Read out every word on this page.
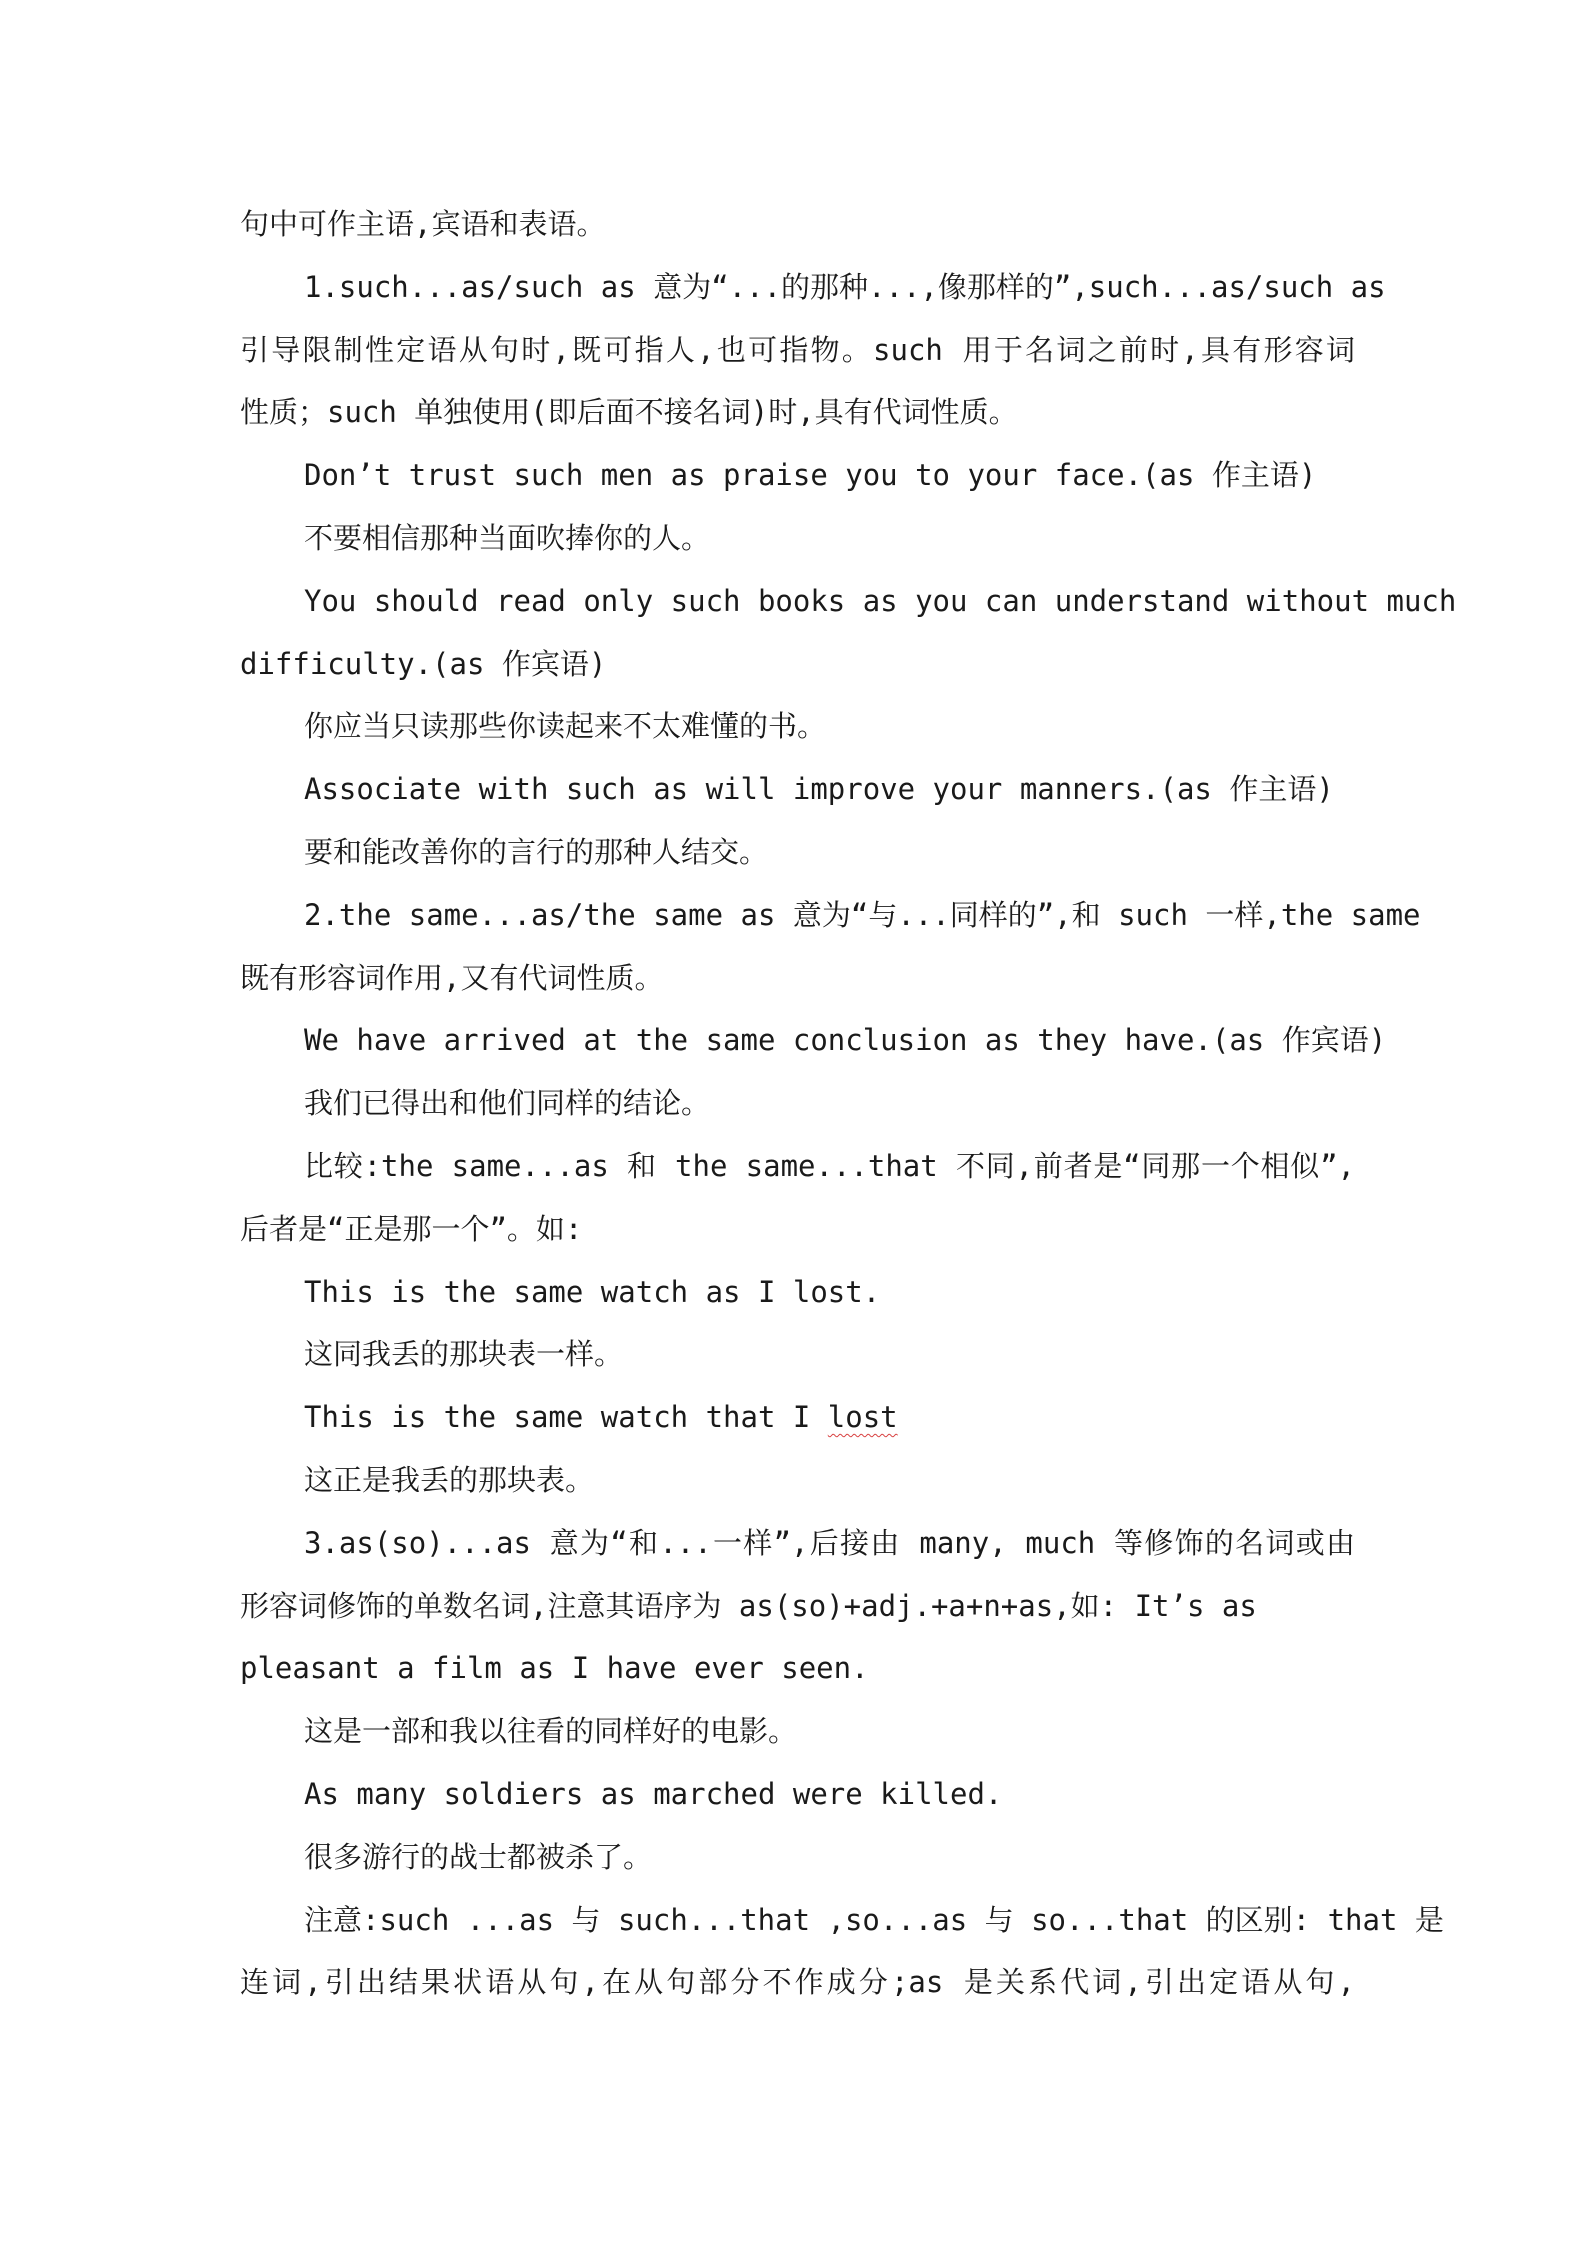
句中可作主语,宾语和表语。
1.such...as/such as 意为“...的那种...,像那样的”,such...as/such as
引导限制性定语从句时,既可指人,也可指物。such 用于名词之前时,具有形容词
性质；such 单独使用(即后面不接名词)时,具有代词性质。
Don’t trust such men as praise you to your face.(as 作主语)
不要相信那种当面吹捧你的人。
You should read only such books as you can understand without much
difficulty.(as 作宾语)
你应当只读那些你读起来不太难懂的书。
Associate with such as will improve your manners.(as 作主语)
要和能改善你的言行的那种人结交。
2.the same...as/the same as 意为“与...同样的”,和 such 一样,the same
既有形容词作用,又有代词性质。
We have arrived at the same conclusion as they have.(as 作宾语)
我们已得出和他们同样的结论。
比较:the same...as 和 the same...that 不同,前者是“同那一个相似”,
后者是“正是那一个”。如:
This is the same watch as I lost.
这同我丢的那块表一样。
This is the same watch that I lost
这正是我丢的那块表。
3.as(so)...as 意为“和...一样”,后接由 many, much 等修饰的名词或由
形容词修饰的单数名词,注意其语序为 as(so)+adj.+a+n+as,如: It’s as
pleasant a film as I have ever seen.
这是一部和我以往看的同样好的电影。
As many soldiers as marched were killed.
很多游行的战士都被杀了。
注意:such ...as 与 such...that ,so...as 与 so...that 的区别: that 是
连词,引出结果状语从句,在从句部分不作成分;as 是关系代词,引出定语从句,
